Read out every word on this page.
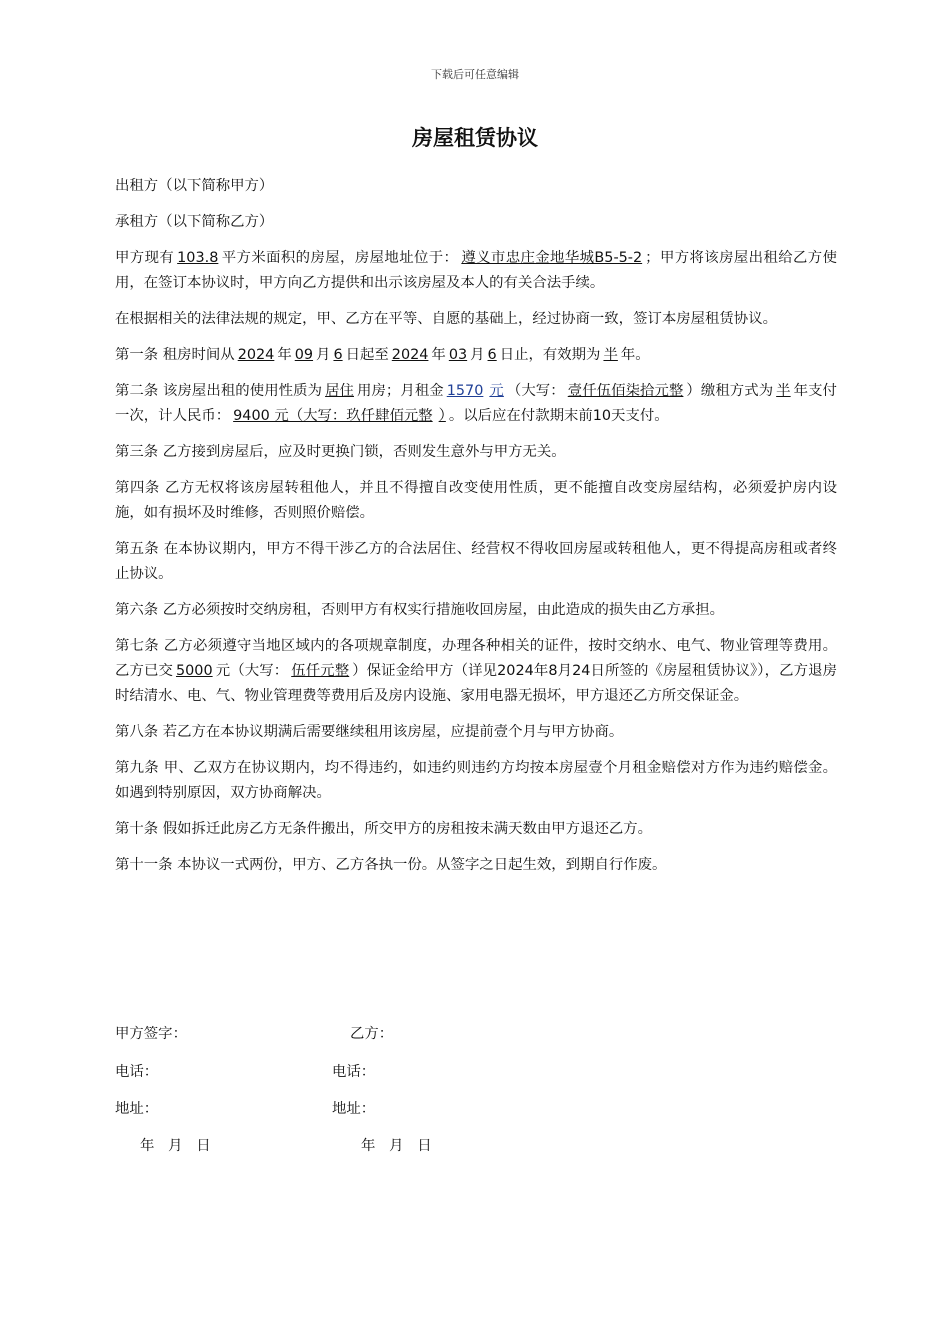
下载后可任意编辑
房屋租赁协议

出租方（以下简称甲方）

承租方（以下简称乙方）

甲方现有 103.8 平方米面积的房屋，房屋地址位于： 遵义市忠庄金地华城B5-5-2 ；甲方将该房屋出租给乙方使用，在签订本协议时，甲方向乙方提供和出示该房屋及本人的有关合法手续。

在根据相关的法律法规的规定，甲、乙方在平等、自愿的基础上，经过协商一致，签订本房屋租赁协议。

第一条 租房时间从 2024 年 09 月 6 日起至 2024 年 03 月 6 日止，有效期为 半 年。

第二条 该房屋出租的使用性质为 居住 用房；月租金 1570 元 （大写： 壹仟伍佰柒拾元整 ）缴租方式为 半 年支付一次，计人民币： 9400 元（大写：玖仟肆佰元整 ） 。以后应在付款期末前10天支付。

第三条 乙方接到房屋后，应及时更换门锁，否则发生意外与甲方无关。

第四条 乙方无权将该房屋转租他人，并且不得擅自改变使用性质，更不能擅自改变房屋结构，必须爱护房内设施，如有损坏及时维修，否则照价赔偿。

第五条 在本协议期内，甲方不得干涉乙方的合法居住、经营权不得收回房屋或转租他人，更不得提高房租或者终止协议。

第六条 乙方必须按时交纳房租，否则甲方有权实行措施收回房屋，由此造成的损失由乙方承担。

第七条 乙方必须遵守当地区域内的各项规章制度，办理各种相关的证件，按时交纳水、电气、物业管理等费用。乙方已交 5000 元（大写： 伍仟元整 ）保证金给甲方（详见2024年8月24日所签的《房屋租赁协议》），乙方退房时结清水、电、气、物业管理费等费用后及房内设施、家用电器无损坏，甲方退还乙方所交保证金。

第八条 若乙方在本协议期满后需要继续租用该房屋，应提前壹个月与甲方协商。

第九条 甲、乙双方在协议期内，均不得违约，如违约则违约方均按本房屋壹个月租金赔偿对方作为违约赔偿金。如遇到特别原因，双方协商解决。

第十条 假如拆迁此房乙方无条件搬出，所交甲方的房租按未满天数由甲方退还乙方。

第十一条 本协议一式两份，甲方、乙方各执一份。从签字之日起生效，到期自行作废。

甲方签字：	乙方：
电话：	电话：
地址：	地址：
年   月   日	年   月   日
